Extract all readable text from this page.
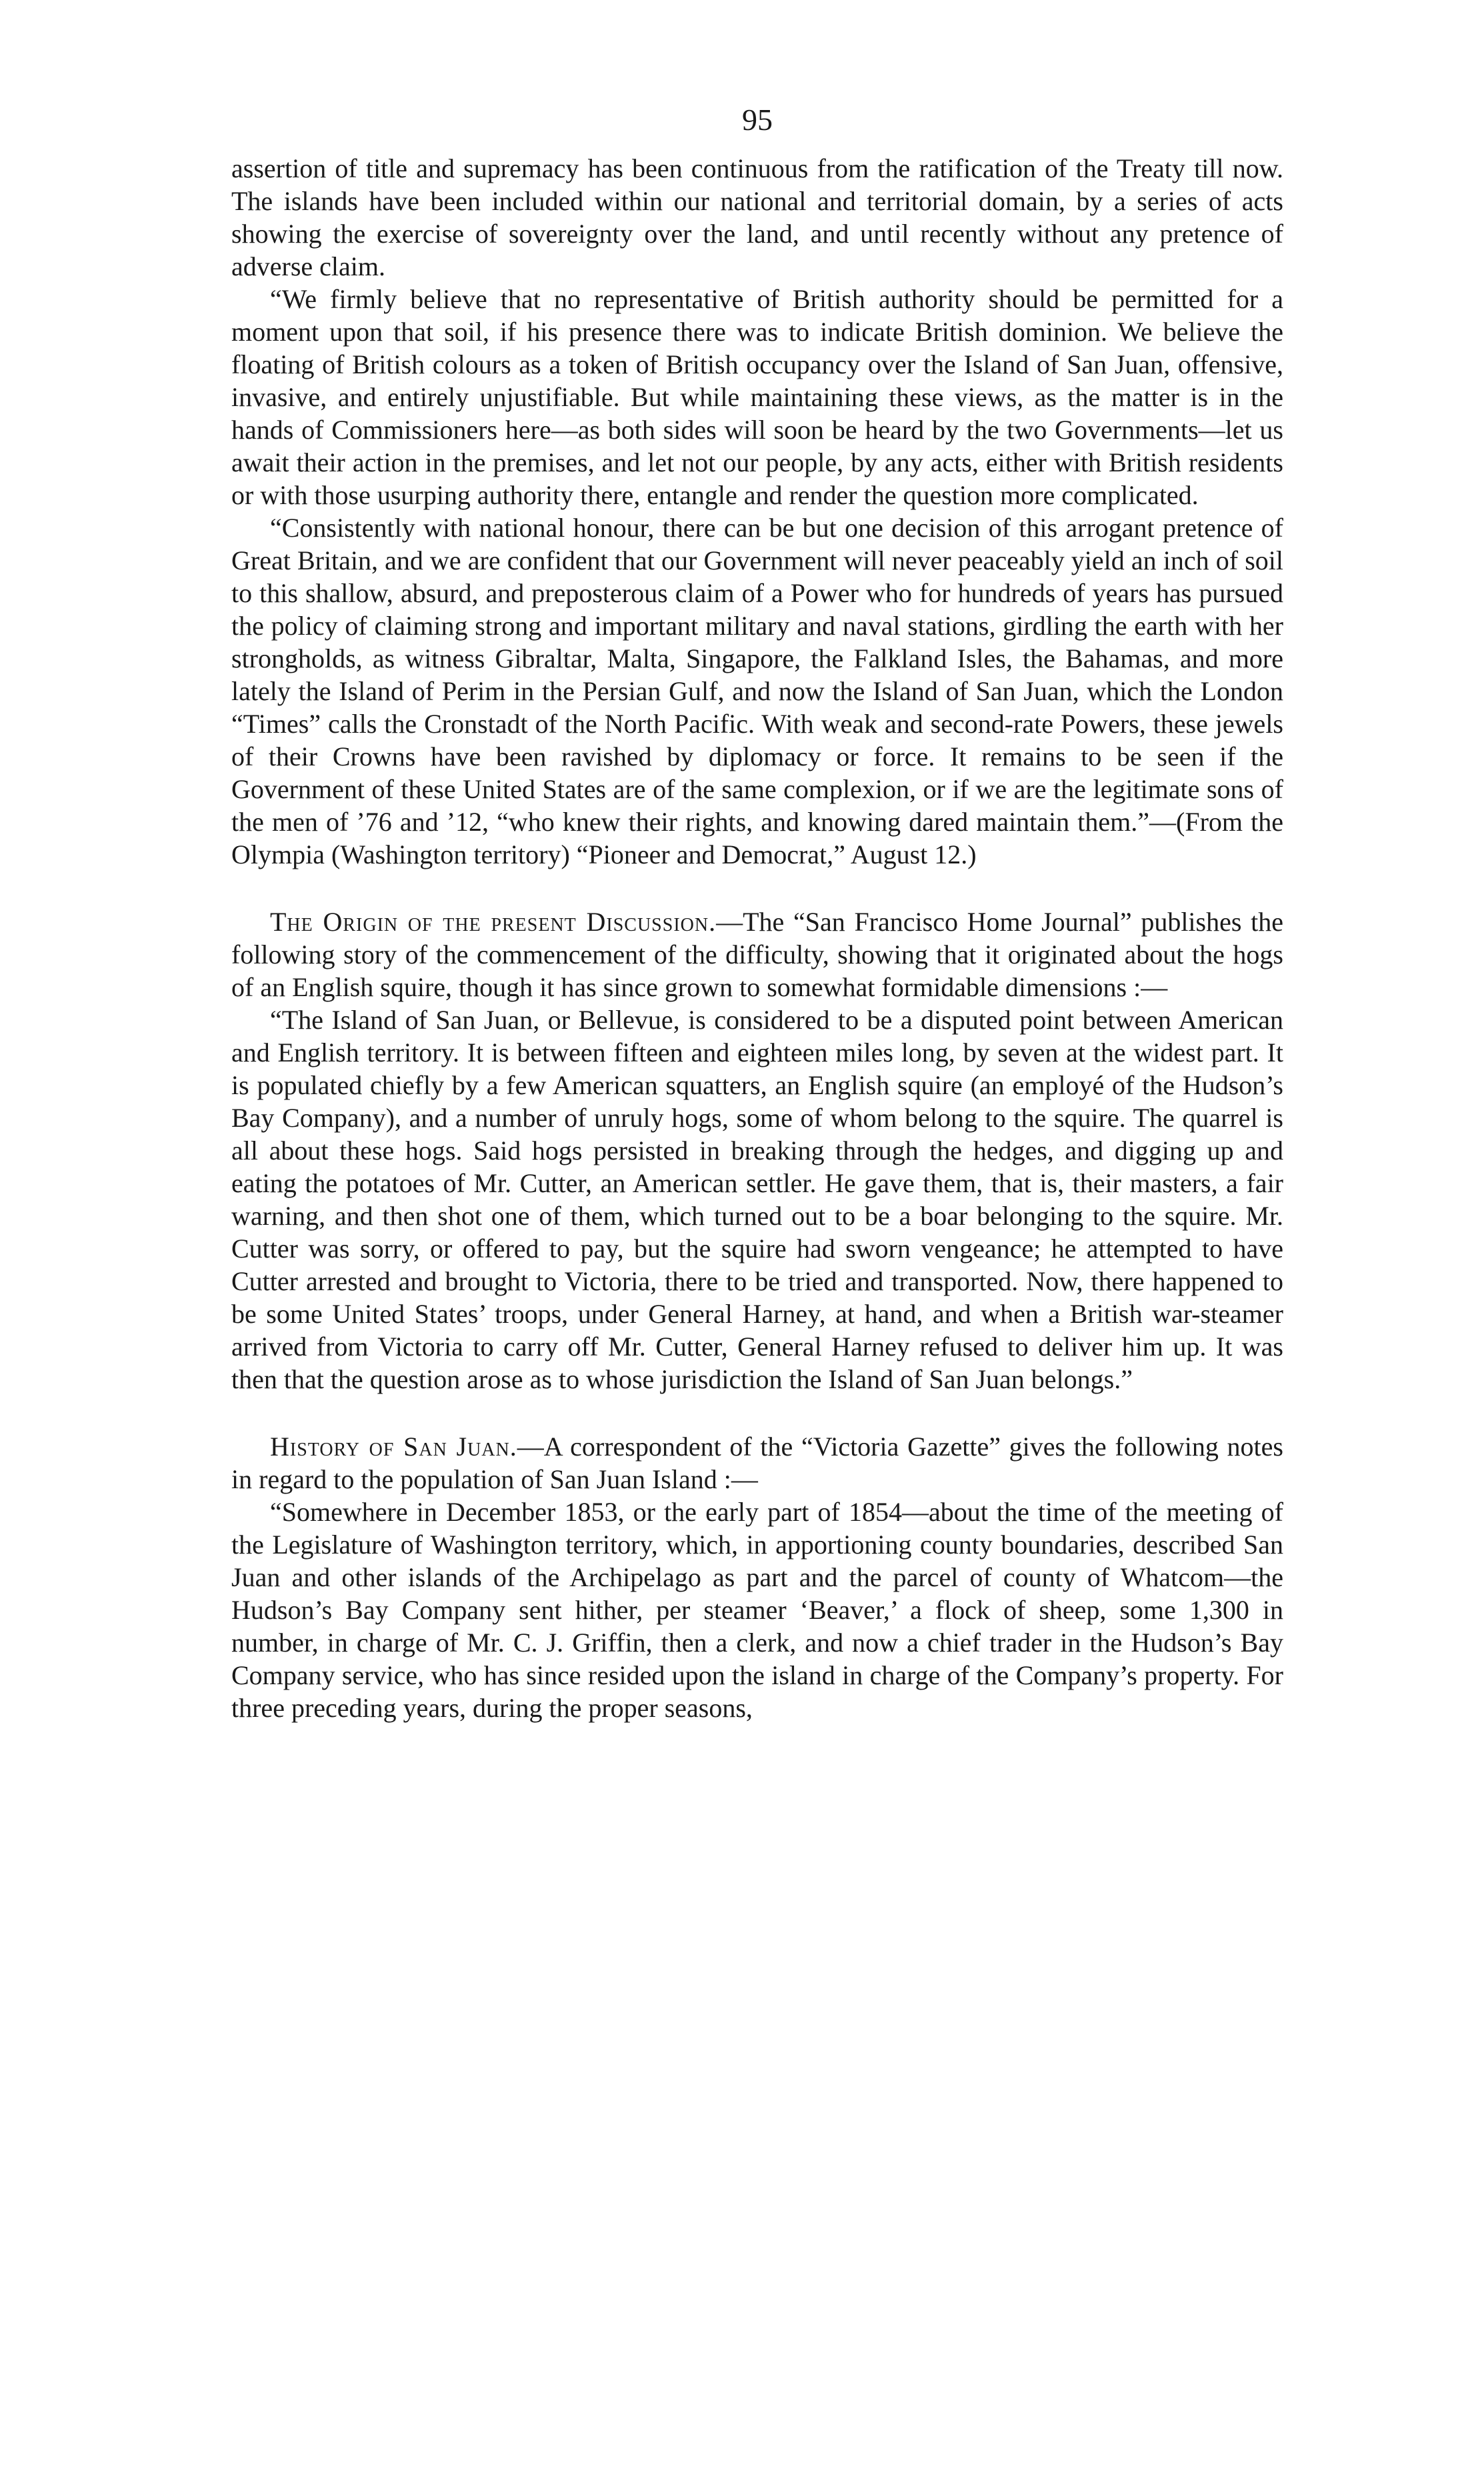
95

assertion of title and supremacy has been continuous from the ratification of the Treaty till now. The islands have been included within our national and territorial domain, by a series of acts showing the exercise of sovereignty over the land, and until recently without any pretence of adverse claim.

“We firmly believe that no representative of British authority should be permitted for a moment upon that soil, if his presence there was to indicate British dominion. We believe the floating of British colours as a token of British occupancy over the Island of San Juan, offensive, invasive, and entirely unjustifiable. But while maintaining these views, as the matter is in the hands of Commissioners here—as both sides will soon be heard by the two Governments—let us await their action in the premises, and let not our people, by any acts, either with British residents or with those usurping authority there, entangle and render the question more complicated.

“Consistently with national honour, there can be but one decision of this arrogant pretence of Great Britain, and we are confident that our Government will never peaceably yield an inch of soil to this shallow, absurd, and preposterous claim of a Power who for hundreds of years has pursued the policy of claiming strong and important military and naval stations, girdling the earth with her strongholds, as witness Gibraltar, Malta, Singapore, the Falkland Isles, the Bahamas, and more lately the Island of Perim in the Persian Gulf, and now the Island of San Juan, which the London “Times” calls the Cronstadt of the North Pacific. With weak and second-rate Powers, these jewels of their Crowns have been ravished by diplomacy or force. It remains to be seen if the Government of these United States are of the same complexion, or if we are the legitimate sons of the men of ’76 and ’12, “who knew their rights, and knowing dared maintain them.”—(From the Olympia (Washington territory) “Pioneer and Democrat,” August 12.)

The Origin of the present Discussion.—The “San Francisco Home Journal” publishes the following story of the commencement of the difficulty, showing that it originated about the hogs of an English squire, though it has since grown to somewhat formidable dimensions :—

“The Island of San Juan, or Bellevue, is considered to be a disputed point between American and English territory. It is between fifteen and eighteen miles long, by seven at the widest part. It is populated chiefly by a few American squatters, an English squire (an employé of the Hudson’s Bay Company), and a number of unruly hogs, some of whom belong to the squire. The quarrel is all about these hogs. Said hogs persisted in breaking through the hedges, and digging up and eating the potatoes of Mr. Cutter, an American settler. He gave them, that is, their masters, a fair warning, and then shot one of them, which turned out to be a boar belonging to the squire. Mr. Cutter was sorry, or offered to pay, but the squire had sworn vengeance; he attempted to have Cutter arrested and brought to Victoria, there to be tried and transported. Now, there happened to be some United States’ troops, under General Harney, at hand, and when a British war-steamer arrived from Victoria to carry off Mr. Cutter, General Harney refused to deliver him up. It was then that the question arose as to whose jurisdiction the Island of San Juan belongs.”

History of San Juan.—A correspondent of the “Victoria Gazette” gives the following notes in regard to the population of San Juan Island :—

“Somewhere in December 1853, or the early part of 1854—about the time of the meeting of the Legislature of Washington territory, which, in apportioning county boundaries, described San Juan and other islands of the Archipelago as part and the parcel of county of Whatcom—the Hudson’s Bay Company sent hither, per steamer ‘Beaver,’ a flock of sheep, some 1,300 in number, in charge of Mr. C. J. Griffin, then a clerk, and now a chief trader in the Hudson’s Bay Company service, who has since resided upon the island in charge of the Company’s property. For three preceding years, during the proper seasons,
